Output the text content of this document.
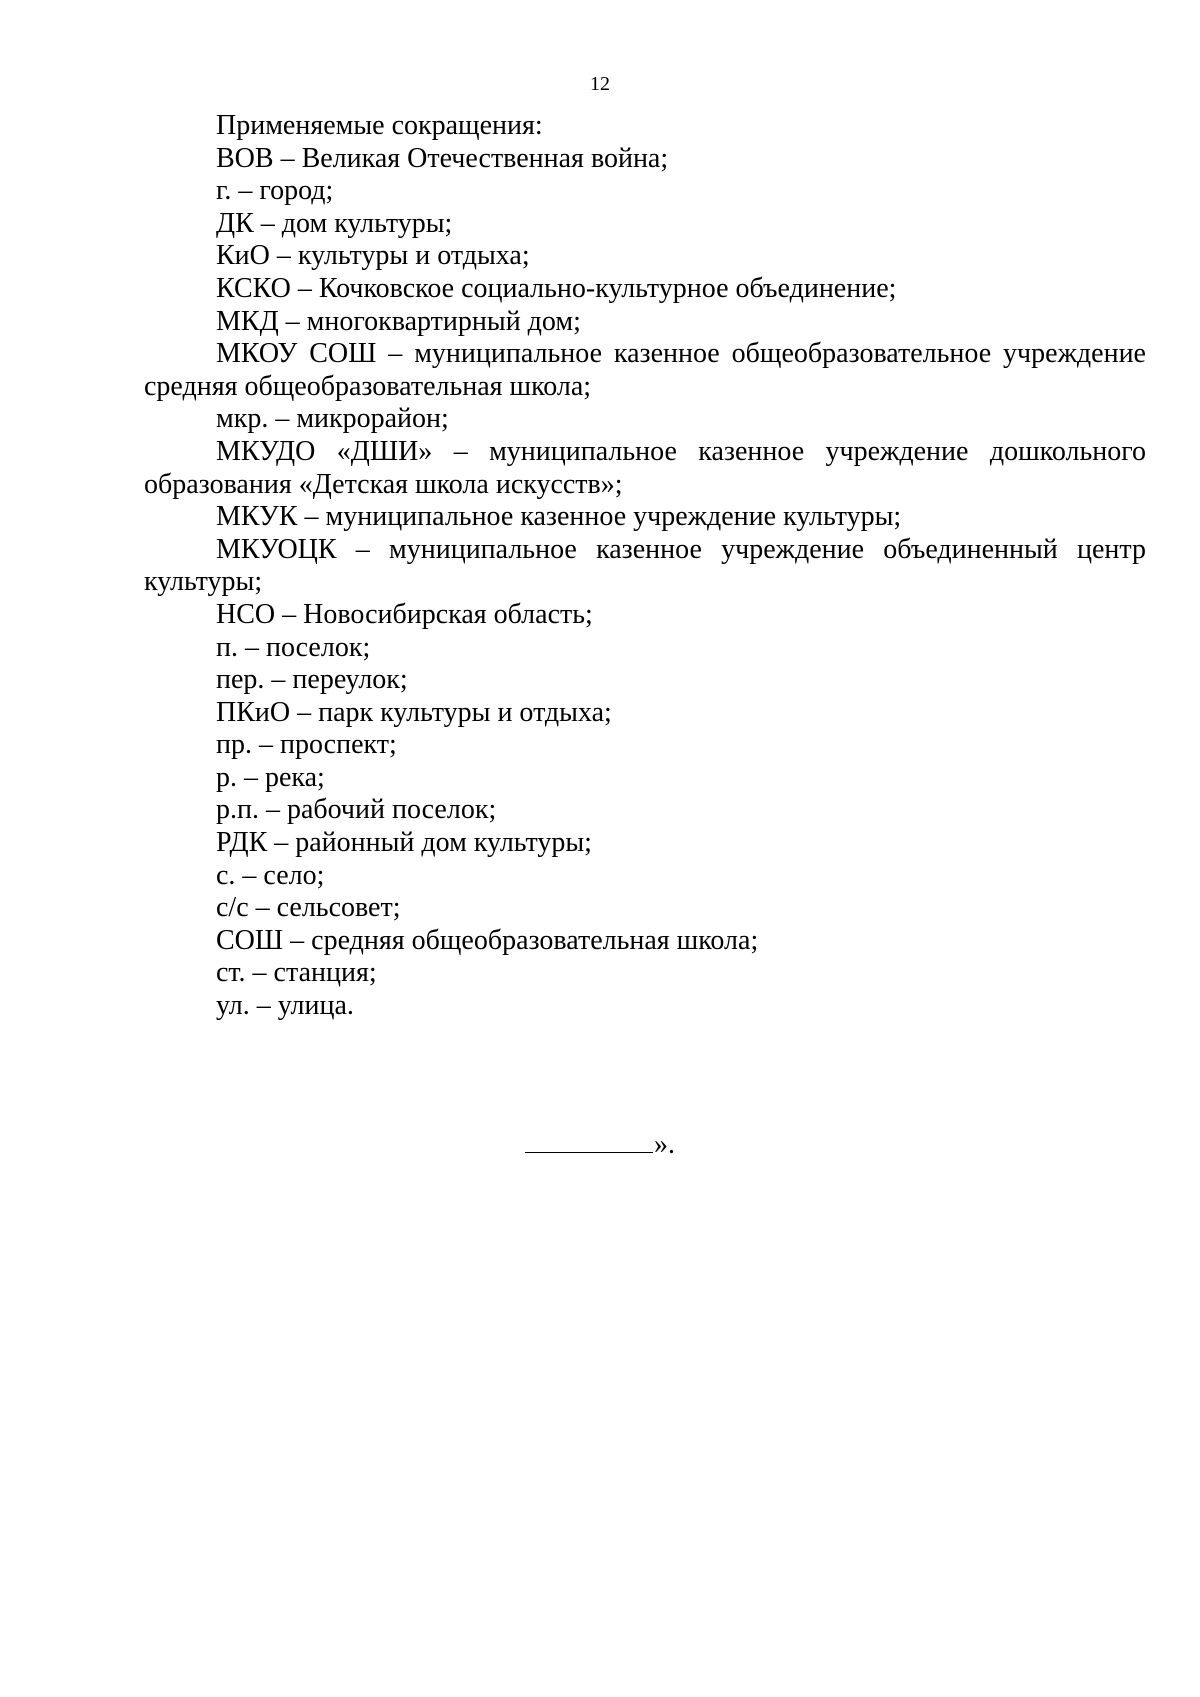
12

Применяемые сокращения:

ВОВ – Великая Отечественная война;

г. – город;

ДК – дом культуры;

КиО – культуры и отдыха;

КСКО – Кочковское социально-культурное объединение;

МКД – многоквартирный дом;

МКОУ СОШ – муниципальное казенное общеобразовательное учреждение средняя общеобразовательная школа;

мкр. – микрорайон;

МКУДО «ДШИ» – муниципальное казенное учреждение дошкольного образования «Детская школа искусств»;

МКУК – муниципальное казенное учреждение культуры;

МКУОЦК – муниципальное казенное учреждение объединенный центр культуры;

НСО – Новосибирская область;

п. – поселок;

пер. – переулок;

ПКиО – парк культуры и отдыха;

пр. – проспект;

р. – река;

р.п. – рабочий поселок;

РДК – районный дом культуры;

с. – село;

с/с – сельсовет;

СОШ – средняя общеобразовательная школа;

ст. – станция;

ул. – улица.

».
